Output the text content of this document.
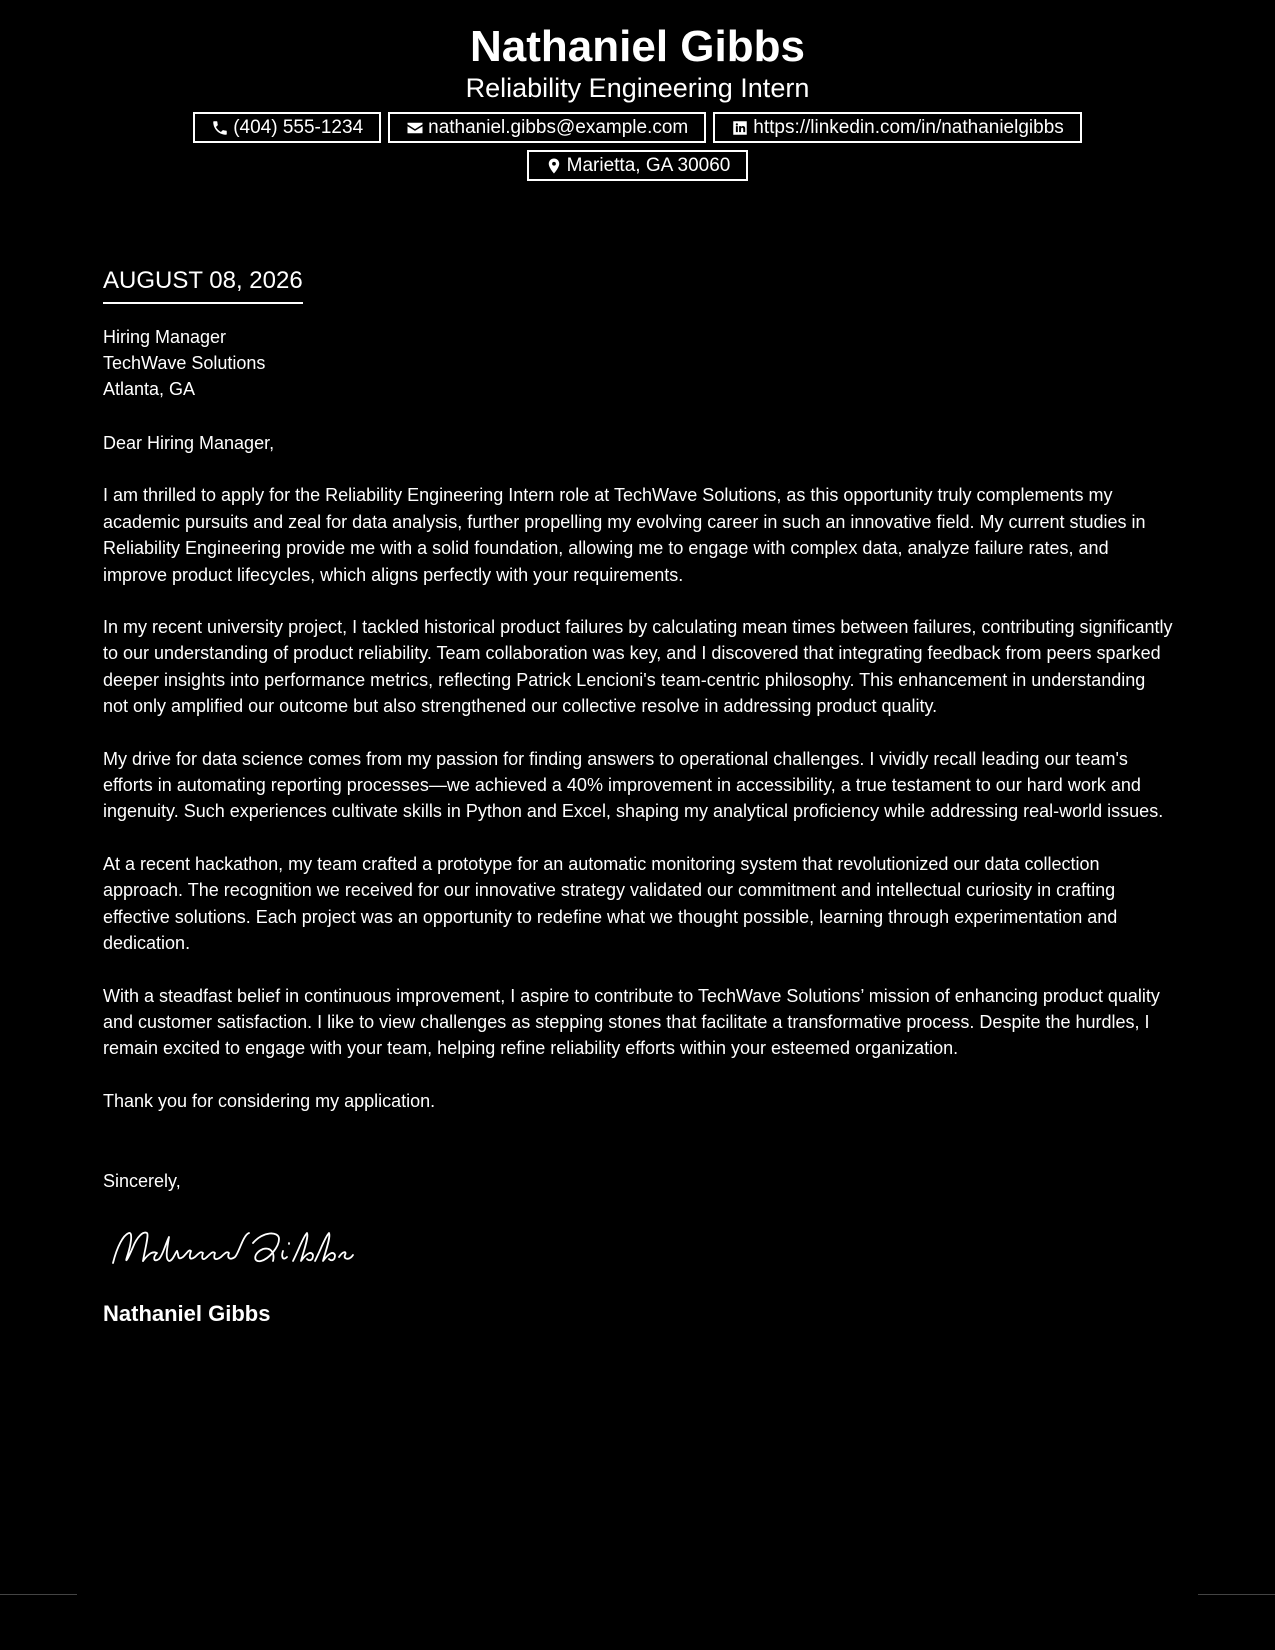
Nathaniel Gibbs
Reliability Engineering Intern
(404) 555-1234	nathaniel.gibbs@example.com	https://linkedin.com/in/nathanielgibbs
Marietta, GA 30060
AUGUST 08, 2026
Hiring Manager
TechWave Solutions
Atlanta, GA
Dear Hiring Manager,

I am thrilled to apply for the Reliability Engineering Intern role at TechWave Solutions, as this opportunity truly complements my academic pursuits and zeal for data analysis, further propelling my evolving career in such an innovative field. My current studies in Reliability Engineering provide me with a solid foundation, allowing me to engage with complex data, analyze failure rates, and improve product lifecycles, which aligns perfectly with your requirements.

In my recent university project, I tackled historical product failures by calculating mean times between failures, contributing significantly to our understanding of product reliability. Team collaboration was key, and I discovered that integrating feedback from peers sparked deeper insights into performance metrics, reflecting Patrick Lencioni's team-centric philosophy. This enhancement in understanding not only amplified our outcome but also strengthened our collective resolve in addressing product quality.

My drive for data science comes from my passion for finding answers to operational challenges. I vividly recall leading our team's efforts in automating reporting processes—we achieved a 40% improvement in accessibility, a true testament to our hard work and ingenuity. Such experiences cultivate skills in Python and Excel, shaping my analytical proficiency while addressing real-world issues.

At a recent hackathon, my team crafted a prototype for an automatic monitoring system that revolutionized our data collection approach. The recognition we received for our innovative strategy validated our commitment and intellectual curiosity in crafting effective solutions. Each project was an opportunity to redefine what we thought possible, learning through experimentation and dedication.

With a steadfast belief in continuous improvement, I aspire to contribute to TechWave Solutions’ mission of enhancing product quality and customer satisfaction. I like to view challenges as stepping stones that facilitate a transformative process. Despite the hurdles, I remain excited to engage with your team, helping refine reliability efforts within your esteemed organization.

Thank you for considering my application.

Sincerely,
Nathaniel Gibbs
